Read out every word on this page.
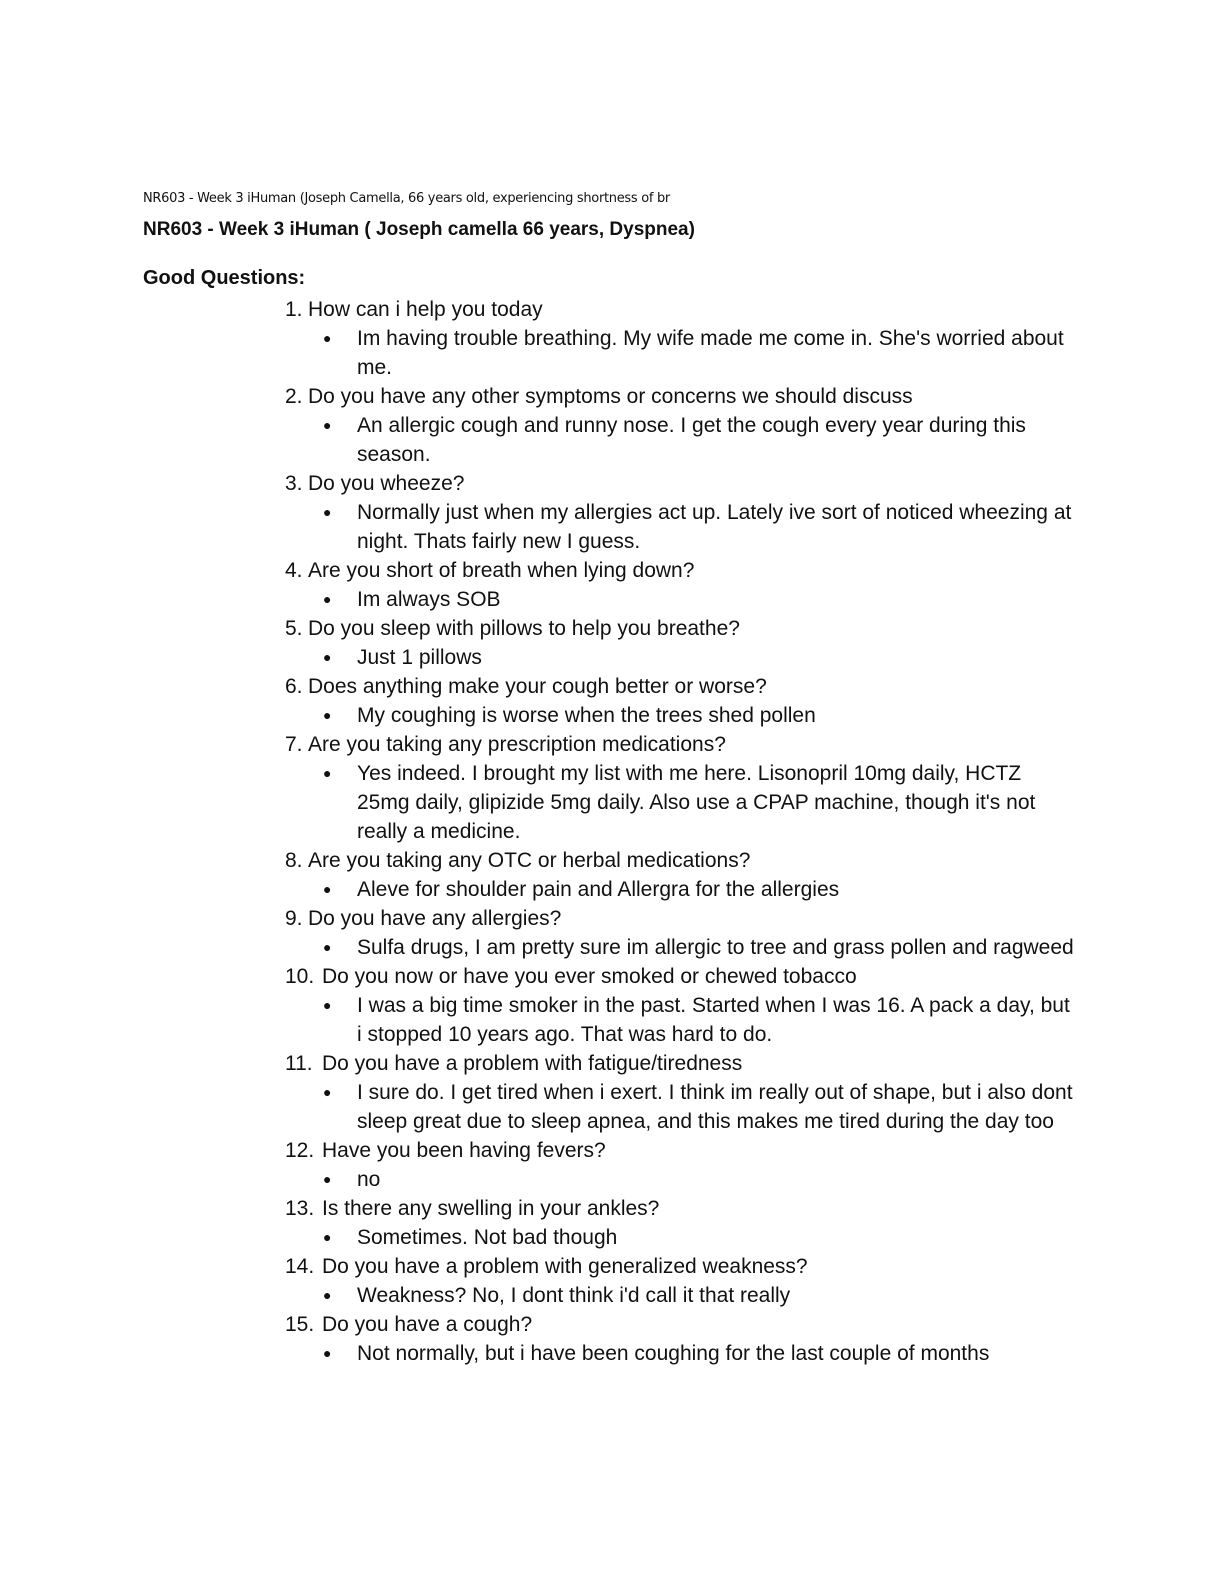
NR603 - Week 3 iHuman (Joseph Camella, 66 years old, experiencing shortness of br
NR603 - Week 3 iHuman ( Joseph camella 66 years, Dyspnea)
Good Questions:
1. How can i help you today
● Im having trouble breathing. My wife made me come in. She's worried about me.
2. Do you have any other symptoms or concerns we should discuss
● An allergic cough and runny nose. I get the cough every year during this season.
3. Do you wheeze?
● Normally just when my allergies act up. Lately ive sort of noticed wheezing at night. Thats fairly new I guess.
4. Are you short of breath when lying down?
● Im always SOB
5. Do you sleep with pillows to help you breathe?
● Just 1 pillows
6. Does anything make your cough better or worse?
● My coughing is worse when the trees shed pollen
7. Are you taking any prescription medications?
● Yes indeed. I brought my list with me here. Lisonopril 10mg daily, HCTZ 25mg daily, glipizide 5mg daily. Also use a CPAP machine, though it's not really a medicine.
8. Are you taking any OTC or herbal medications?
● Aleve for shoulder pain and Allergra for the allergies
9. Do you have any allergies?
● Sulfa drugs, I am pretty sure im allergic to tree and grass pollen and ragweed
10. Do you now or have you ever smoked or chewed tobacco
● I was a big time smoker in the past. Started when I was 16. A pack a day, but i stopped 10 years ago. That was hard to do.
11. Do you have a problem with fatigue/tiredness
● I sure do. I get tired when i exert. I think im really out of shape, but i also dont sleep great due to sleep apnea, and this makes me tired during the day too
12. Have you been having fevers?
● no
13. Is there any swelling in your ankles?
● Sometimes. Not bad though
14. Do you have a problem with generalized weakness?
● Weakness? No, I dont think i'd call it that really
15. Do you have a cough?
● Not normally, but i have been coughing for the last couple of months
